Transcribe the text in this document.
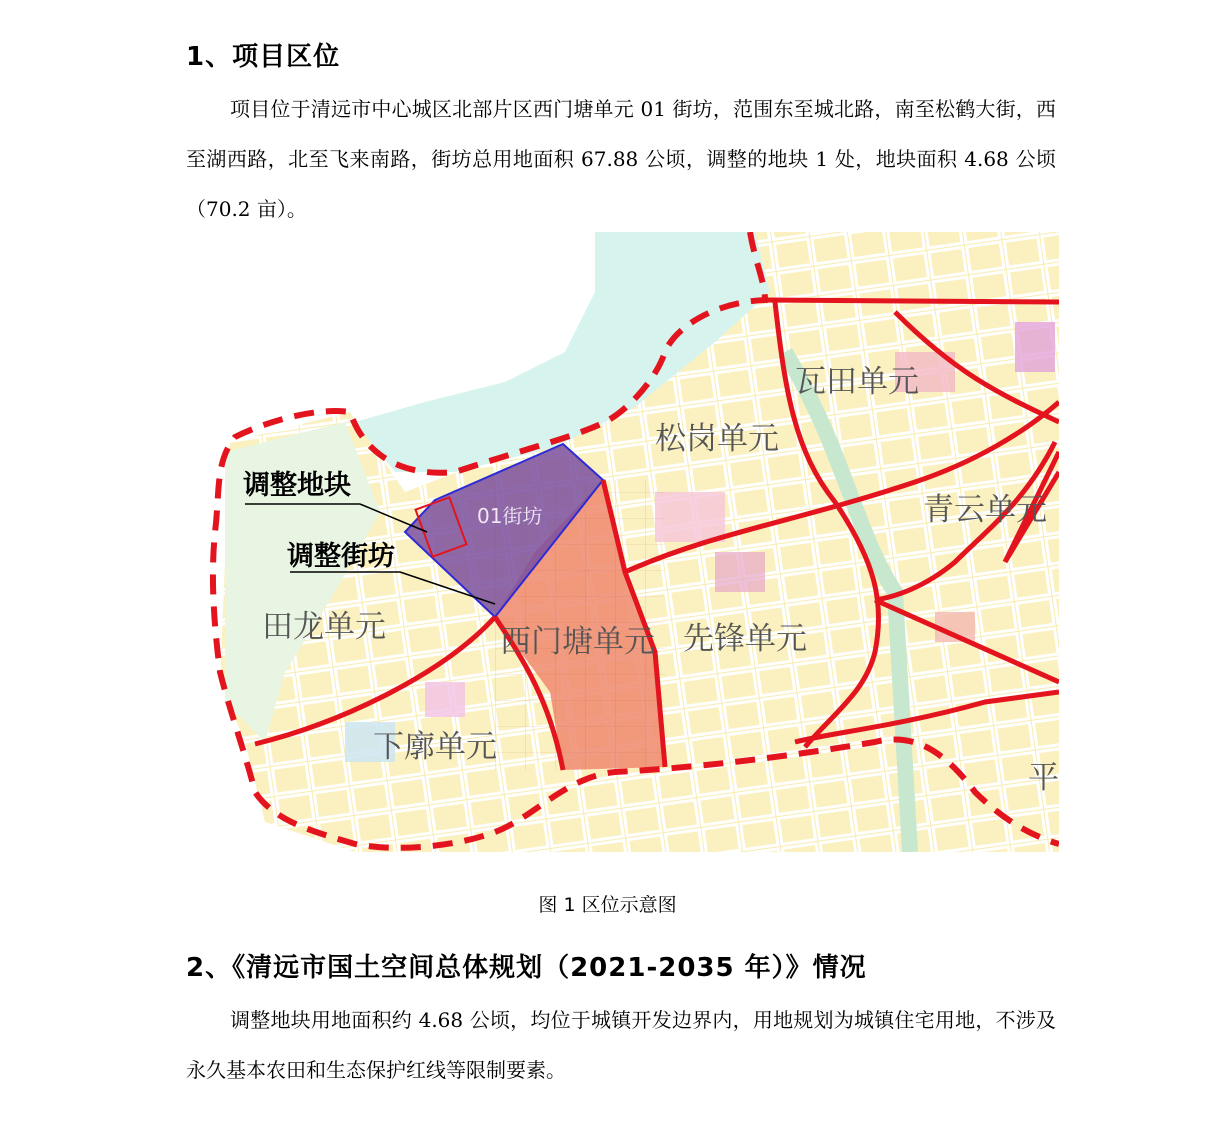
1、项目区位

项目位于清远市中心城区北部片区西门塘单元 01 街坊，范围东至城北路，南至松鹤大街，西至湖西路，北至飞来南路，街坊总用地面积 67.88 公顷，调整的地块 1 处，地块面积 4.68 公顷（70.2 亩）。

调整地块
调整街坊
瓦田单元
松岗单元
青云单元
田龙单元	西门塘单元 先锋单元
下廓单元
平
01街坊
图 1 区位示意图
2、《清远市国土空间总体规划（2021-2035 年）》情况

调整地块用地面积约 4.68 公顷，均位于城镇开发边界内，用地规划为城镇住宅用地，不涉及永久基本农田和生态保护红线等限制要素。
